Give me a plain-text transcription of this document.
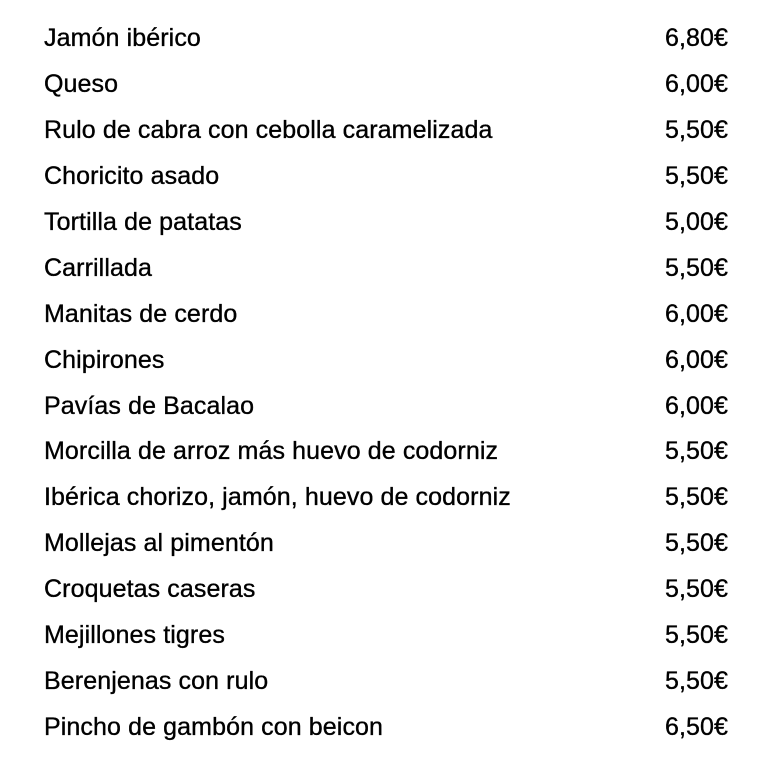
Jamón ibérico	6,80€
Queso	6,00€
Rulo de cabra con cebolla caramelizada	5,50€
Choricito asado	5,50€
Tortilla de patatas	5,00€
Carrillada	5,50€
Manitas de cerdo	6,00€
Chipirones	6,00€
Pavías de Bacalao	6,00€
Morcilla de arroz más huevo de codorniz	5,50€
Ibérica chorizo, jamón, huevo de codorniz	5,50€
Mollejas al pimentón	5,50€
Croquetas caseras	5,50€
Mejillones tigres	5,50€
Berenjenas con rulo	5,50€
Pincho de gambón con beicon	6,50€
